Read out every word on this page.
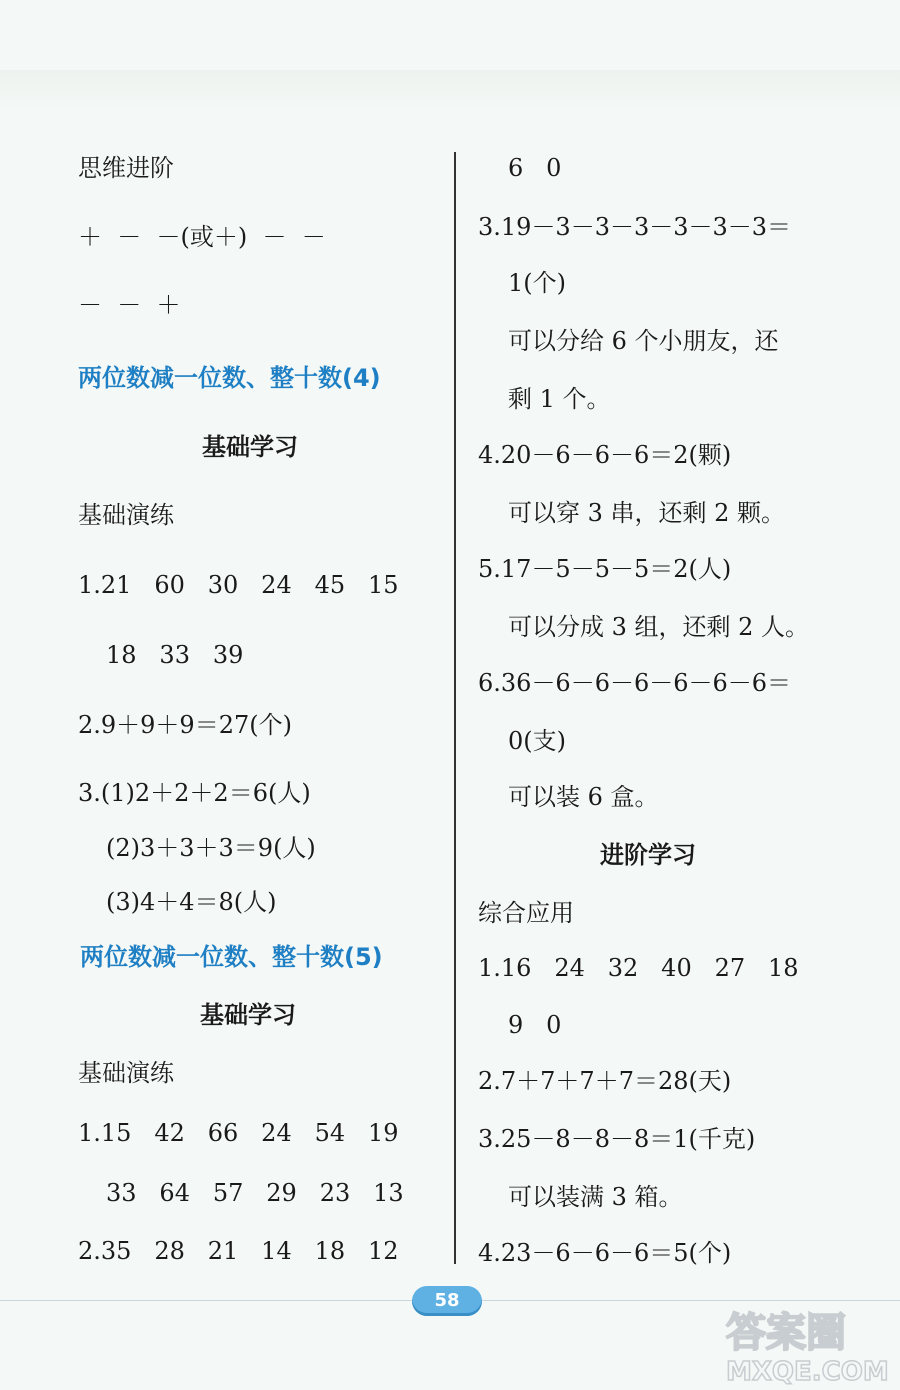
思维进阶
＋  －  －(或＋)  －  －
－  －  ＋
两位数减一位数、整十数(4)
基础学习
基础演练
1.21   60   30   24   45   15
18   33   39
2.9＋9＋9＝27(个)
3.(1)2＋2＋2＝6(人)
(2)3＋3＋3＝9(人)
(3)4＋4＝8(人)
两位数减一位数、整十数(5)
基础学习
基础演练
1.15   42   66   24   54   19
33   64   57   29   23   13
2.35   28   21   14   18   12
6   0
3.19－3－3－3－3－3－3＝
1(个)
可以分给 6 个小朋友，还
剩 1 个。
4.20－6－6－6＝2(颗)
可以穿 3 串，还剩 2 颗。
5.17－5－5－5＝2(人)
可以分成 3 组，还剩 2 人。
6.36－6－6－6－6－6－6＝
0(支)
可以装 6 盒。
进阶学习
综合应用
1.16   24   32   40   27   18
9   0
2.7＋7＋7＋7＝28(天)
3.25－8－8－8＝1(千克)
可以装满 3 箱。
4.23－6－6－6＝5(个)
58
答案圈
MXQE.COM
